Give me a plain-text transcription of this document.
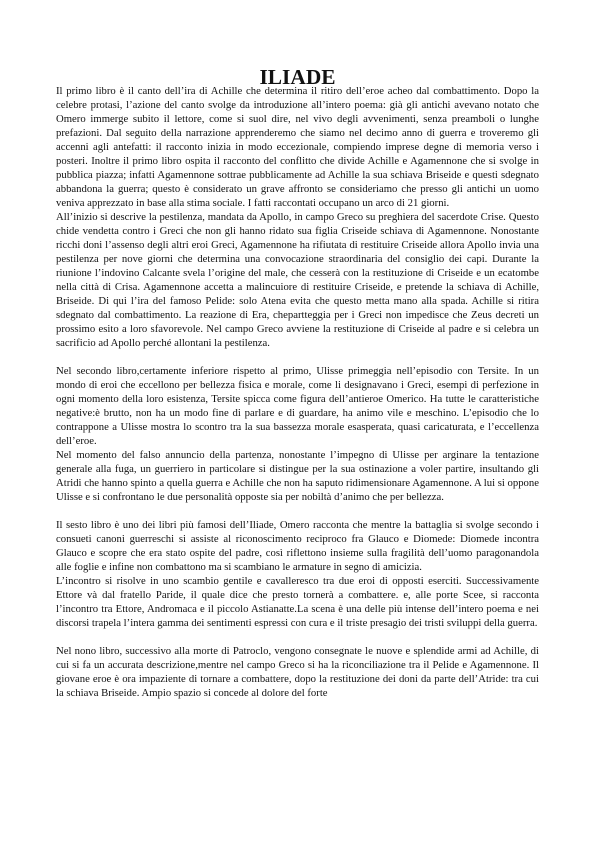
ILIADE

Il primo libro è il canto dell’ira di Achille che determina il ritiro dell’eroe acheo dal combattimento. Dopo la celebre protasi, l’azione del canto svolge da introduzione all’intero poema: già gli antichi avevano notato che Omero immerge subito il lettore, come si suol dire, nel vivo degli avvenimenti, senza preamboli o lunghe prefazioni. Dal seguito della narrazione apprenderemo che siamo nel decimo anno di guerra e troveremo gli accenni agli antefatti: il racconto inizia in modo eccezionale, compiendo imprese degne di memoria verso i posteri. Inoltre il primo libro ospita il racconto del conflitto che divide Achille e Agamennone che si svolge in pubblica piazza; infatti Agamennone sottrae pubblicamente ad Achille la sua schiava Briseide e questi sdegnato abbandona la guerra; questo è considerato un grave affronto se consideriamo che presso gli antichi un uomo veniva apprezzato in base alla stima sociale. I fatti raccontati occupano un arco di 21 giorni.

All’inizio si descrive la pestilenza, mandata da Apollo, in campo Greco su preghiera del sacerdote Crise. Questo chide vendetta contro i Greci che non gli hanno ridato sua figlia Criseide schiava di Agamennone. Nonostante ricchi doni l’assenso degli altri eroi Greci, Agamennone ha rifiutata di restituire Criseide allora Apollo invia una pestilenza per nove giorni che determina una convocazione straordinaria del consiglio dei capi. Durante la riunione l’indovino Calcante svela l’origine del male, che cesserà con la restituzione di Criseide e un ecatombe nella città di Crisa. Agamennone accetta a malincuiore di restituire Criseide, e pretende la schiava di Achille, Briseide. Di qui l’ira del famoso Pelide: solo Atena evita che questo metta mano alla spada. Achille si ritira sdegnato dal combattimento. La reazione di Era, chepartteggia per i Greci non impedisce che Zeus decreti un prossimo esito a loro sfavorevole. Nel campo Greco avviene la restituzione di Criseide al padre e si celebra un sacrificio ad Apollo perché allontani la pestilenza.

Nel secondo libro,certamente inferiore rispetto al primo, Ulisse primeggia nell’episodio con Tersite. In un mondo di eroi che eccellono per bellezza fisica e morale, come li designavano i Greci, esempi di perfezione in ogni momento della loro esistenza, Tersite spicca come figura dell’antieroe Omerico. Ha tutte le caratteristiche negative:è brutto, non ha un modo fine di parlare e di guardare, ha animo vile e meschino. L’episodio che lo contrappone a Ulisse mostra lo scontro tra la sua bassezza morale esasperata, quasi caricaturata, e l’eccellenza dell’eroe.

Nel momento del falso annuncio della partenza, nonostante l’impegno di Ulisse per arginare la tentazione generale alla fuga, un guerriero in particolare si distingue per la sua ostinazione a voler partire, insultando gli Atridi che hanno spinto a quella guerra e Achille che non ha saputo ridimensionare Agamennone. A lui si oppone Ulisse e si confrontano le due personalità opposte sia per nobiltà d’animo che per bellezza.

Il sesto libro è uno dei libri più famosi dell’Iliade, Omero racconta che mentre la battaglia si svolge secondo i consueti canoni guerreschi si assiste al riconoscimento reciproco fra Glauco e Diomede: Diomede incontra Glauco e scopre che era stato ospite del padre, così riflettono insieme sulla fragilità dell’uomo paragonandola alle foglie e infine non combattono ma si scambiano le armature in segno di amicizia.

L’incontro si risolve in uno scambio gentile e cavalleresco tra due eroi di opposti eserciti. Successivamente Ettore và dal fratello Paride, il quale dice che presto tornerà a combattere. e, alle porte Scee, si racconta l’incontro tra Ettore, Andromaca e il piccolo Astianatte.La scena è una delle più intense dell’intero poema e nei discorsi trapela l’intera gamma dei sentimenti espressi con cura e il triste presagio dei tristi sviluppi della guerra.

Nel nono libro, successivo alla morte di Patroclo, vengono consegnate le nuove e splendide armi ad Achille, di cui si fa un accurata descrizione,mentre nel campo Greco si ha la riconciliazione tra il Pelide e Agamennone. Il giovane eroe è ora impaziente di tornare a combattere, dopo la restituzione dei doni da parte dell’Atride: tra cui la schiava Briseide. Ampio spazio si concede al dolore del forte
